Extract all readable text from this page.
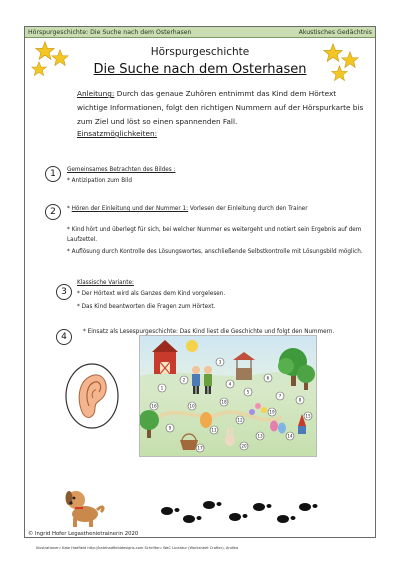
Hörspurgeschichte: Die Suche nach dem Osterhasen	Akustisches Gedächtnis
Hörspurgeschichte
Die Suche nach dem Osterhasen
Anleitung: Durch das genaue Zuhören entnimmt das Kind dem Hörtext wichtige Informationen, folgt den richtigen Nummern auf der Hörspurkarte bis zum Ziel und löst so einen spannenden Fall.
Einsatzmöglichkeiten:
1	Gemeinsames Betrachten des Bildes :
* Antizipation zum Bild
2	* Hören der Einleitung und der Nummer 1: Vorlesen der Einleitung durch den Trainer
* Kind hört und überlegt für sich, bei welcher Nummer es weitergeht und notiert sein Ergebnis auf dem Laufzettel.
* Auflösung durch Kontrolle des Lösungswortes, anschließende Selbstkontrolle mit Lösungsbild möglich.
3
Klassische Variante:
* Der Hörtext wird als Ganzes dem Kind vorgelesen.
* Das Kind beantworten die Fragen zum Hörtext.
4	* Einsatz als Lesespurgeschichte: Das Kind liest die Geschichte und folgt den Nummern.
1
2
3
4
5
6
7
8
9
10
11
12
13	14
15
16
17
18
19
20
© Ingrid Hofer Legasthenietrainerin 2020
Illustrationen: Kate Hadfield http://katehadfielddesigns.com Schriften: WaC Lineatur (Worksheet Crafter), Andika
